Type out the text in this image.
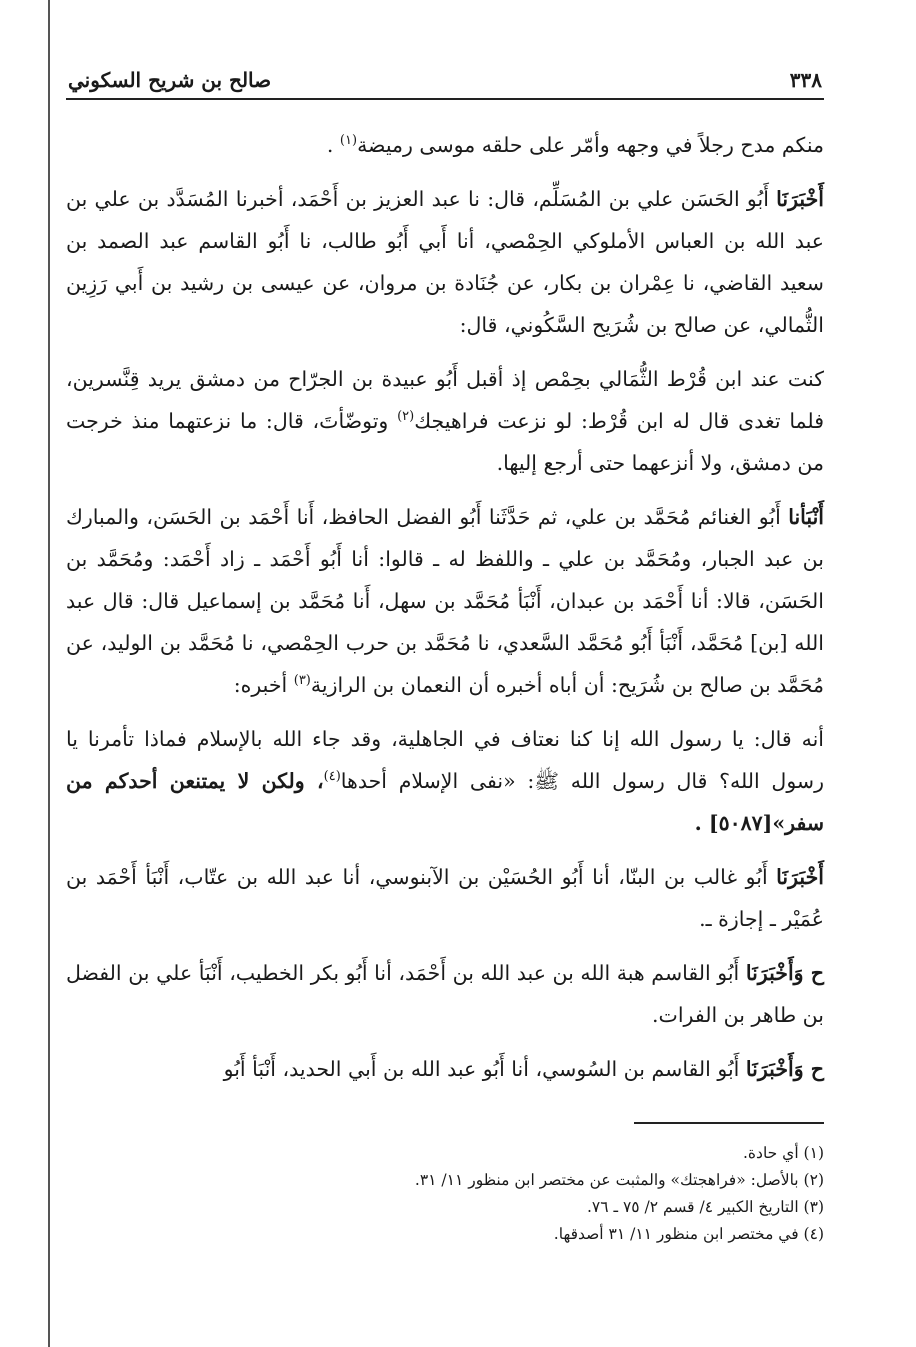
٣٣٨
صالح بن شريح السكوني

منكم مدح رجلاً في وجهه وأمّر على حلقه موسى رميضة$^{(١)}$ .

أَخْبَرَنَا أَبُو الحَسَن علي بن المُسَلِّم، قال: نا عبد العزيز بن أَحْمَد، أخبرنا المُسَدَّد بن علي بن عبد الله بن العباس الأملوكي الحِمْصي، أنا أَبي أَبُو طالب، نا أَبُو القاسم عبد الصمد بن سعيد القاضي، نا عِمْران بن بكار، عن جُنَادة بن مروان، عن عيسى بن رشيد بن أَبي رَزِين الثُّمالي، عن صالح بن شُرَيح السَّكُوني، قال:

كنت عند ابن قُرْط الثُّمَالي بحِمْص إذ أقبل أَبُو عبيدة بن الجرّاح من دمشق يريد قِنَّسرين، فلما تغدى قال له ابن قُرْط: لو نزعت فراهيجك$^{(٢)}$ وتوضّأتَ، قال: ما نزعتهما منذ خرجت من دمشق، ولا أنزعهما حتى أرجع إليها.

أَنْبَأنا أَبُو الغنائم مُحَمَّد بن علي، ثم حَدَّثَنا أَبُو الفضل الحافظ، أَنا أَحْمَد بن الحَسَن، والمبارك بن عبد الجبار، ومُحَمَّد بن علي ـ واللفظ له ـ قالوا: أنا أَبُو أَحْمَد ـ زاد أَحْمَد: ومُحَمَّد بن الحَسَن، قالا: أنا أَحْمَد بن عبدان، أَنْبَأ مُحَمَّد بن سهل، أَنا مُحَمَّد بن إسماعيل قال: قال عبد الله [بن] مُحَمَّد، أَنْبَأ أَبُو مُحَمَّد السَّعدي، نا مُحَمَّد بن حرب الحِمْصي، نا مُحَمَّد بن الوليد، عن مُحَمَّد بن صالح بن شُرَيح: أن أباه أخبره أن النعمان بن الرازية$^{(٣)}$ أخبره:

أنه قال: يا رسول الله إنا كنا نعتاف في الجاهلية، وقد جاء الله بالإسلام فماذا تأمرنا يا رسول الله؟ قال رسول الله ﷺ: «نفى الإسلام أحدها$^{(٤)}$، ولكن لا يمتنعن أحدكم من سفر»[٥٠٨٧] .

أَخْبَرَنَا أَبُو غالب بن البنّا، أنا أَبُو الحُسَيْن بن الآبنوسي، أنا عبد الله بن عتّاب، أَنْبَأ أَحْمَد بن عُمَيْر ـ إجازة ـ.

ح وَأَخْبَرَنَا أَبُو القاسم هبة الله بن عبد الله بن أَحْمَد، أنا أَبُو بكر الخطيب، أَنْبَأ علي بن الفضل بن طاهر بن الفرات.

ح وَأَخْبَرَنَا أَبُو القاسم بن السُوسي، أنا أَبُو عبد الله بن أَبي الحديد، أَنْبَأ أَبُو

(١) أي حادة.
(٢) بالأصل: «فراهجتك» والمثبت عن مختصر ابن منظور ١١/ ٣١.
(٣) التاريخ الكبير ٤/ قسم ٢/ ٧٥ ـ ٧٦.
(٤) في مختصر ابن منظور ١١/ ٣١ أصدقها.
